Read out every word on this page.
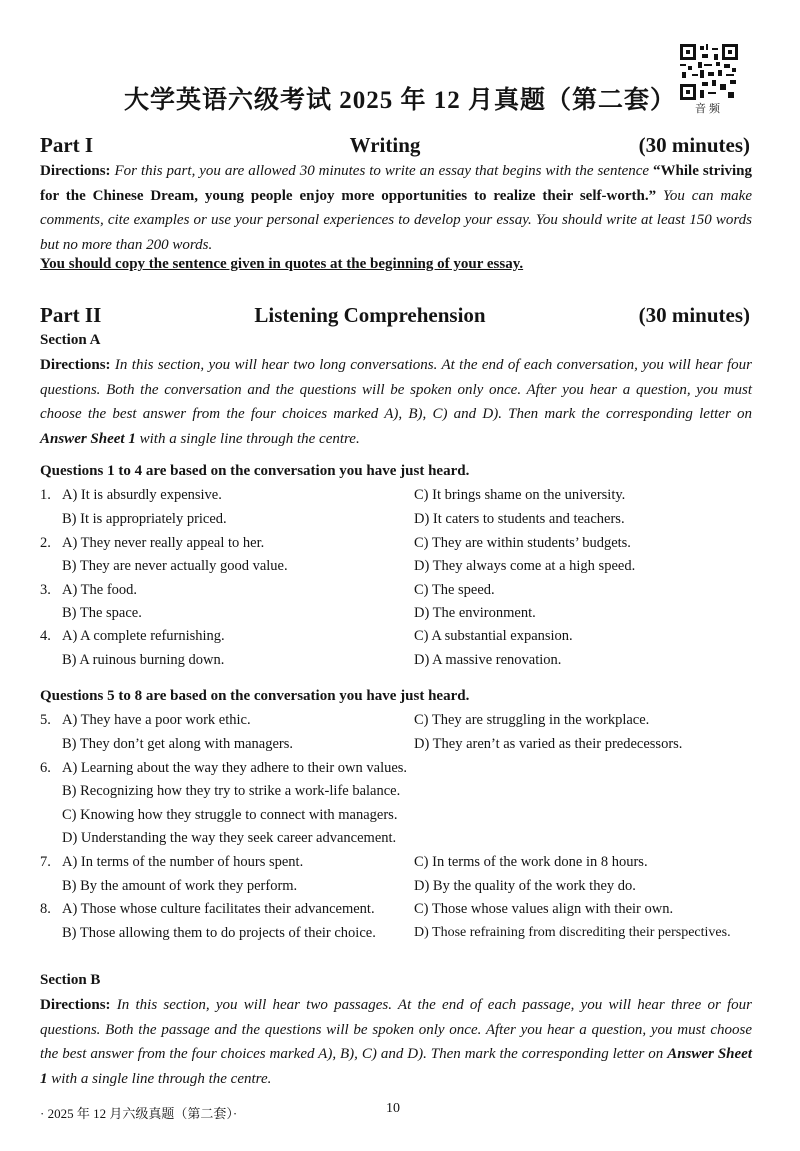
大学英语六级考试 2025 年 12 月真题（第二套）	音频
Part I	Writing	(30 minutes)
Directions: For this part, you are allowed 30 minutes to write an essay that begins with the sentence “While striving for the Chinese Dream, young people enjoy more opportunities to realize their self-worth.” You can make comments, cite examples or use your personal experiences to develop your essay. You should write at least 150 words but no more than 200 words.
You should copy the sentence given in quotes at the beginning of your essay.
Part II	Listening Comprehension	(30 minutes)
Section A
Directions: In this section, you will hear two long conversations. At the end of each conversation, you will hear four questions. Both the conversation and the questions will be spoken only once. After you hear a question, you must choose the best answer from the four choices marked A), B), C) and D). Then mark the corresponding letter on Answer Sheet 1 with a single line through the centre.
Questions 1 to 4 are based on the conversation you have just heard.
1. A) It is absurdly expensive.	C) It brings shame on the university.
B) It is appropriately priced.	D) It caters to students and teachers.
2. A) They never really appeal to her.	C) They are within students’ budgets.
B) They are never actually good value.	D) They always come at a high speed.
3. A) The food.	C) The speed.
B) The space.	D) The environment.
4. A) A complete refurnishing.	C) A substantial expansion.
B) A ruinous burning down.	D) A massive renovation.
Questions 5 to 8 are based on the conversation you have just heard.
5. A) They have a poor work ethic.	C) They are struggling in the workplace.
B) They don’t get along with managers.	D) They aren’t as varied as their predecessors.
6. A) Learning about the way they adhere to their own values.
B) Recognizing how they try to strike a work-life balance.
C) Knowing how they struggle to connect with managers.
D) Understanding the way they seek career advancement.
7. A) In terms of the number of hours spent.	C) In terms of the work done in 8 hours.
B) By the amount of work they perform.	D) By the quality of the work they do.
8. A) Those whose culture facilitates their advancement.	C) Those whose values align with their own.
B) Those allowing them to do projects of their choice.	D) Those refraining from discrediting their perspectives.
Section B
Directions: In this section, you will hear two passages. At the end of each passage, you will hear three or four questions. Both the passage and the questions will be spoken only once. After you hear a question, you must choose the best answer from the four choices marked A), B), C) and D). Then mark the corresponding letter on Answer Sheet 1 with a single line through the centre.
· 2025 年 12 月六级真题（第二套）·	10
